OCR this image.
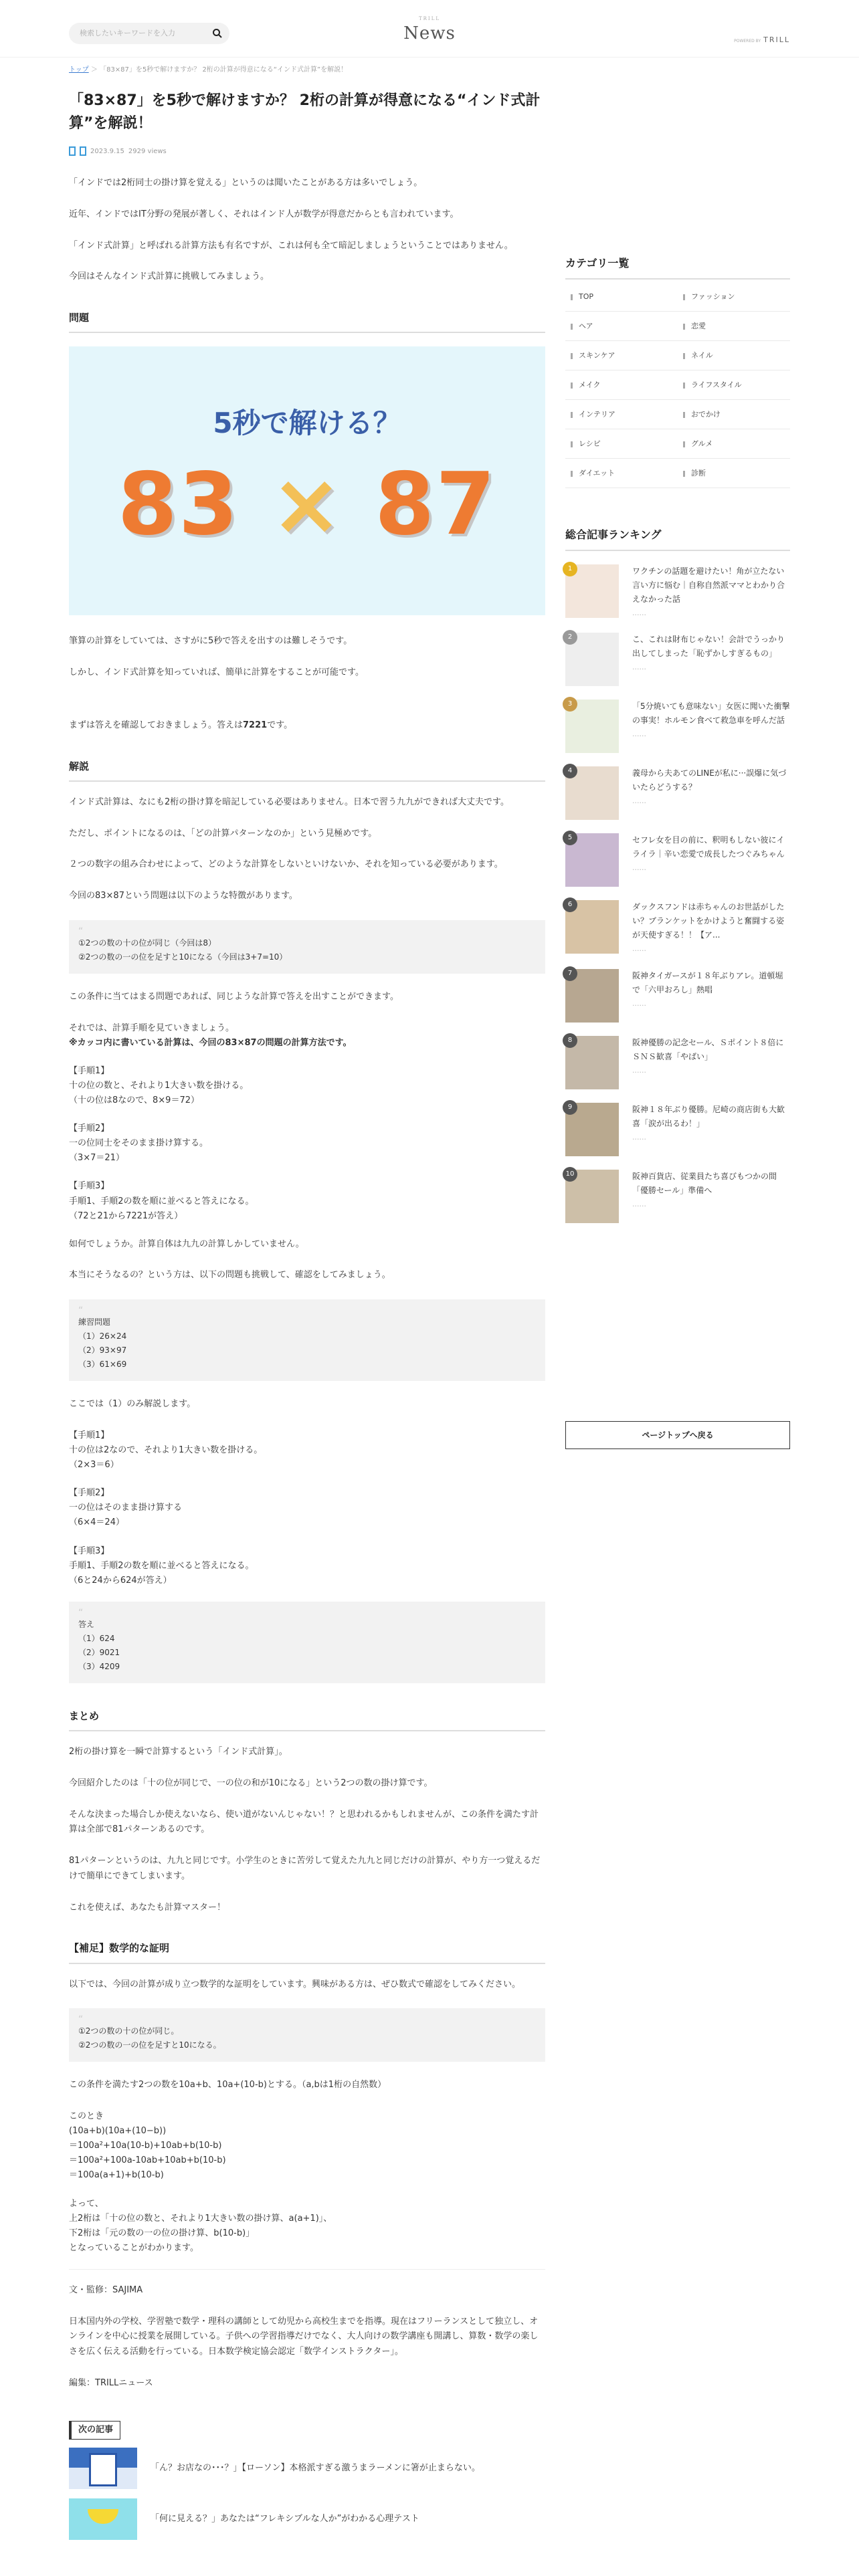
検索したいキーワードを入力
TRILL
News	POWERED BY TRILL
トップ ＞ 「83×87」を5秒で解けますか？ 2桁の計算が得意になる“インド式計算”を解説！
「83×87」を5秒で解けますか？ 2桁の計算が得意になる“インド式計算”を解説！
2023.9.15 2929 views

「インドでは2桁同士の掛け算を覚える」というのは聞いたことがある方は多いでしょう。

近年、インドではIT分野の発展が著しく、それはインド人が数学が得意だからとも言われています。

「インド式計算」と呼ばれる計算方法も有名ですが、これは何も全て暗記しましょうということではありません。

今回はそんなインド式計算に挑戦してみましょう。

問題
5秒で解ける？
83 × 87

筆算の計算をしていては、さすがに5秒で答えを出すのは難しそうです。

しかし、インド式計算を知っていれば、簡単に計算をすることが可能です。

まずは答えを確認しておきましょう。答えは7221です。

解説

インド式計算は、なにも2桁の掛け算を暗記している必要はありません。日本で習う九九ができれば大丈夫です。

ただし、ポイントになるのは、「どの計算パターンなのか」という見極めです。

２つの数字の組み合わせによって、どのような計算をしないといけないか、それを知っている必要があります。

今回の83×87という問題は以下のような特徴があります。

“
①2つの数の十の位が同じ（今回は8）
②2つの数の一の位を足すと10になる（今回は3+7=10）

この条件に当てはまる問題であれば、同じような計算で答えを出すことができます。

それでは、計算手順を見ていきましょう。
※カッコ内に書いている計算は、今回の83×87の問題の計算方法です。
【手順1】
十の位の数と、それより1大きい数を掛ける。
（十の位は8なので、8×9＝72）
【手順2】
一の位同士をそのまま掛け算する。
（3×7＝21）
【手順3】
手順1、手順2の数を順に並べると答えになる。
（72と21から7221が答え）

如何でしょうか。計算自体は九九の計算しかしていません。

本当にそうなるの？という方は、以下の問題も挑戦して、確認をしてみましょう。

“
練習問題
（1）26×24
（2）93×97
（3）61×69

ここでは（1）のみ解説します。

【手順1】
十の位は2なので、それより1大きい数を掛ける。
（2×3＝6）
【手順2】
一の位はそのまま掛け算する
（6×4＝24）
【手順3】
手順1、手順2の数を順に並べると答えになる。
（6と24から624が答え）
“
答え
（1）624
（2）9021
（3）4209
まとめ

2桁の掛け算を一瞬で計算するという「インド式計算」。

今回紹介したのは「十の位が同じで、一の位の和が10になる」という2つの数の掛け算です。

そんな決まった場合しか使えないなら、使い道がないんじゃない！？と思われるかもしれませんが、この条件を満たす計算は全部で81パターンあるのです。

81パターンというのは、九九と同じです。小学生のときに苦労して覚えた九九と同じだけの計算が、やり方一つ覚えるだけで簡単にできてしまいます。

これを使えば、あなたも計算マスター！

【補足】数学的な証明

以下では、今回の計算が成り立つ数学的な証明をしています。興味がある方は、ぜひ数式で確認をしてみください。

“
①2つの数の十の位が同じ。
②2つの数の一の位を足すと10になる。

この条件を満たす2つの数を10a+b、10a+(10-b)とする。（a,bは1桁の自然数）

このとき
(10a+b)(10a+(10−b))
＝100a²+10a(10-b)+10ab+b(10-b)
＝100a²+100a-10ab+10ab+b(10-b)
＝100a(a+1)+b(10-b)
よって、
上2桁は「十の位の数と、それより1大きい数の掛け算、a(a+1)」、
下2桁は「元の数の一の位の掛け算、b(10-b)」
となっていることがわかります。

文・監修：SAJIMA

日本国内外の学校、学習塾で数学・理科の講師として幼児から高校生までを指導。現在はフリーランスとして独立し、オンラインを中心に授業を展開している。子供への学習指導だけでなく、大人向けの数学講座も開講し、算数・数学の楽しさを広く伝える活動を行っている。日本数学検定協会認定「数学インストラクター」。

編集：TRILLニュース

次の記事
「ん？お店なの･･･？」【ローソン】本格派すぎる激うまラーメンに箸が止まらない。
「何に見える？」あなたは“フレキシブルな人か”がわかる心理テスト
カテゴリ一覧
TOP	ファッション
ヘア	恋愛
スキンケア	ネイル
メイク	ライフスタイル
インテリア	おでかけ
レシピ	グルメ
ダイエット	診断
総合記事ランキング
1	ワクチンの話題を避けたい！角が立たない言い方に悩む｜自称自然派ママとわかり合えなかった話
......
2	こ、これは財布じゃない！会計でうっかり出してしまった「恥ずかしすぎるもの」
......
3	「5分焼いても意味ない」女医に聞いた衝撃の事実！ホルモン食べて救急車を呼んだ話
......
4	義母から夫あてのLINEが私に···誤爆に気づいたらどうする？
......
5	セフレ女を目の前に、釈明もしない彼にイライラ｜辛い恋愛で成長したつぐみちゃん
......
6	ダックスフンドは赤ちゃんのお世話がしたい？ブランケットをかけようと奮闘する姿が天使すぎる！！【ア...
......
7	阪神タイガースが１８年ぶりアレ。道頓堀で「六甲おろし」熱唱
......
8	阪神優勝の記念セール、Ｓポイント８倍にＳＮＳ歓喜「やばい」
......
9	阪神１８年ぶり優勝。尼崎の商店街も大歓喜「涙が出るわ！」
......
10	阪神百貨店、従業員たち喜びもつかの間「優勝セール」準備へ
......
ページトップへ戻る
